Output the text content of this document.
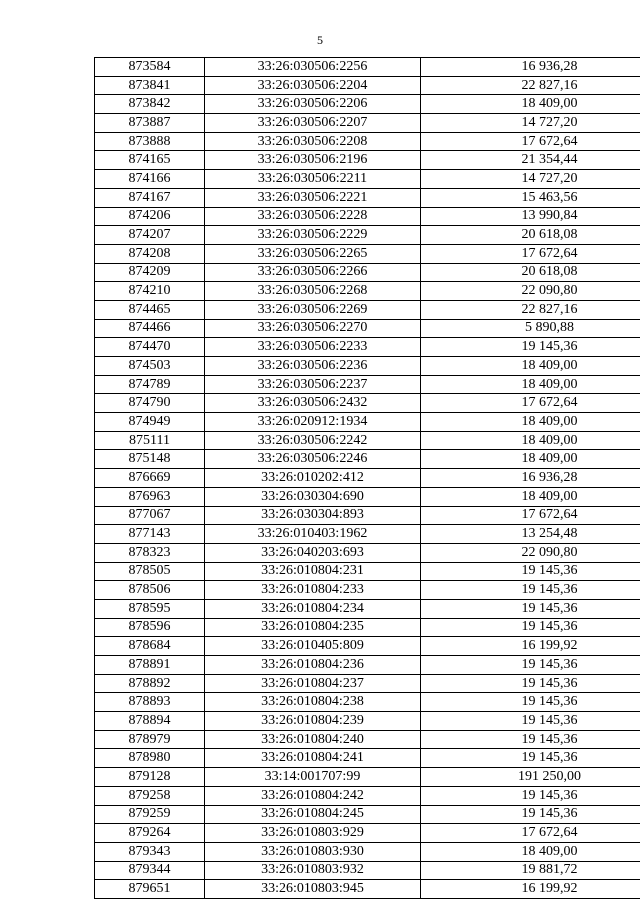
5
873584	33:26:030506:2256	16 936,28
873841	33:26:030506:2204	22 827,16
873842	33:26:030506:2206	18 409,00
873887	33:26:030506:2207	14 727,20
873888	33:26:030506:2208	17 672,64
874165	33:26:030506:2196	21 354,44
874166	33:26:030506:2211	14 727,20
874167	33:26:030506:2221	15 463,56
874206	33:26:030506:2228	13 990,84
874207	33:26:030506:2229	20 618,08
874208	33:26:030506:2265	17 672,64
874209	33:26:030506:2266	20 618,08
874210	33:26:030506:2268	22 090,80
874465	33:26:030506:2269	22 827,16
874466	33:26:030506:2270	5 890,88
874470	33:26:030506:2233	19 145,36
874503	33:26:030506:2236	18 409,00
874789	33:26:030506:2237	18 409,00
874790	33:26:030506:2432	17 672,64
874949	33:26:020912:1934	18 409,00
875111	33:26:030506:2242	18 409,00
875148	33:26:030506:2246	18 409,00
876669	33:26:010202:412	16 936,28
876963	33:26:030304:690	18 409,00
877067	33:26:030304:893	17 672,64
877143	33:26:010403:1962	13 254,48
878323	33:26:040203:693	22 090,80
878505	33:26:010804:231	19 145,36
878506	33:26:010804:233	19 145,36
878595	33:26:010804:234	19 145,36
878596	33:26:010804:235	19 145,36
878684	33:26:010405:809	16 199,92
878891	33:26:010804:236	19 145,36
878892	33:26:010804:237	19 145,36
878893	33:26:010804:238	19 145,36
878894	33:26:010804:239	19 145,36
878979	33:26:010804:240	19 145,36
878980	33:26:010804:241	19 145,36
879128	33:14:001707:99	191 250,00
879258	33:26:010804:242	19 145,36
879259	33:26:010804:245	19 145,36
879264	33:26:010803:929	17 672,64
879343	33:26:010803:930	18 409,00
879344	33:26:010803:932	19 881,72
879651	33:26:010803:945	16 199,92
